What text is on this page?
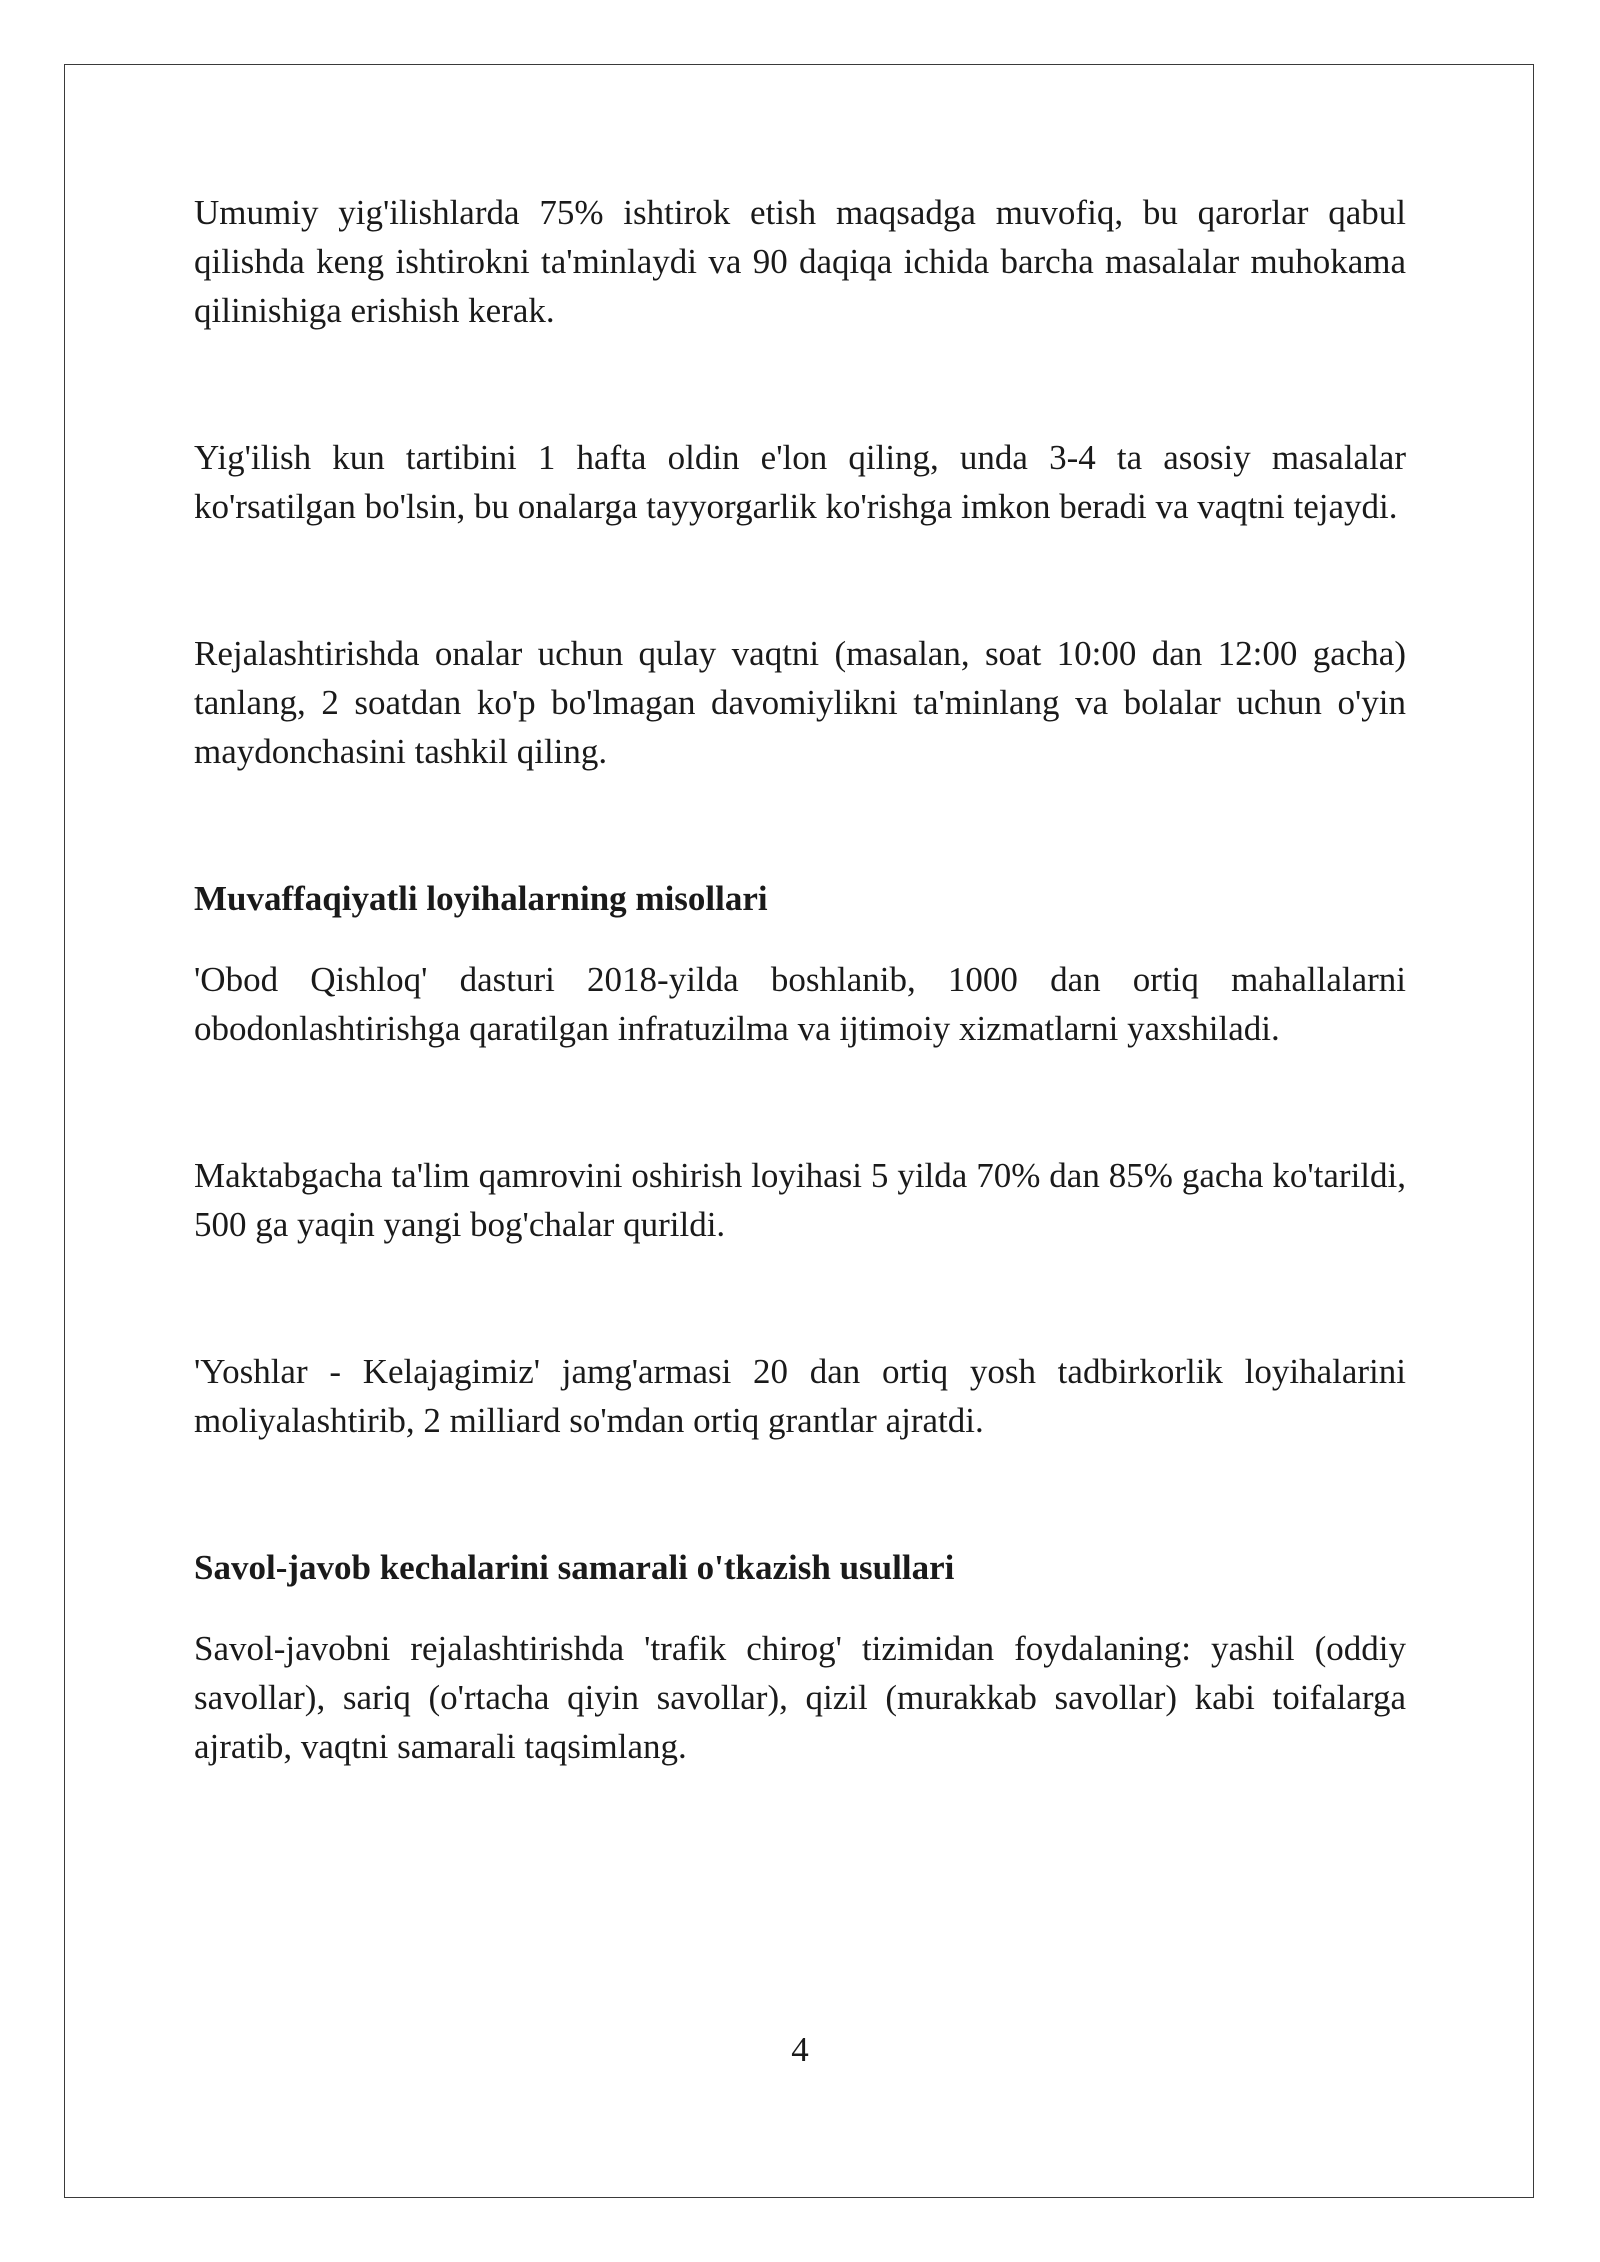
Umumiy yig'ilishlarda 75% ishtirok etish maqsadga muvofiq, bu qarorlar qabul qilishda keng ishtirokni ta'minlaydi va 90 daqiqa ichida barcha masalalar muhokama qilinishiga erishish kerak.

Yig'ilish kun tartibini 1 hafta oldin e'lon qiling, unda 3-4 ta asosiy masalalar ko'rsatilgan bo'lsin, bu onalarga tayyorgarlik ko'rishga imkon beradi va vaqtni tejaydi.

Rejalashtirishda onalar uchun qulay vaqtni (masalan, soat 10:00 dan 12:00 gacha) tanlang, 2 soatdan ko'p bo'lmagan davomiylikni ta'minlang va bolalar uchun o'yin maydonchasini tashkil qiling.

Muvaffaqiyatli loyihalarning misollari

'Obod Qishloq' dasturi 2018-yilda boshlanib, 1000 dan ortiq mahallalarni obodonlashtirishga qaratilgan infratuzilma va ijtimoiy xizmatlarni yaxshiladi.

Maktabgacha ta'lim qamrovini oshirish loyihasi 5 yilda 70% dan 85% gacha ko'tarildi, 500 ga yaqin yangi bog'chalar qurildi.

'Yoshlar - Kelajagimiz' jamg'armasi 20 dan ortiq yosh tadbirkorlik loyihalarini moliyalashtirib, 2 milliard so'mdan ortiq grantlar ajratdi.

Savol-javob kechalarini samarali o'tkazish usullari

Savol-javobni rejalashtirishda 'trafik chirog' tizimidan foydalaning: yashil (oddiy savollar), sariq (o'rtacha qiyin savollar), qizil (murakkab savollar) kabi toifalarga ajratib, vaqtni samarali taqsimlang.

4
